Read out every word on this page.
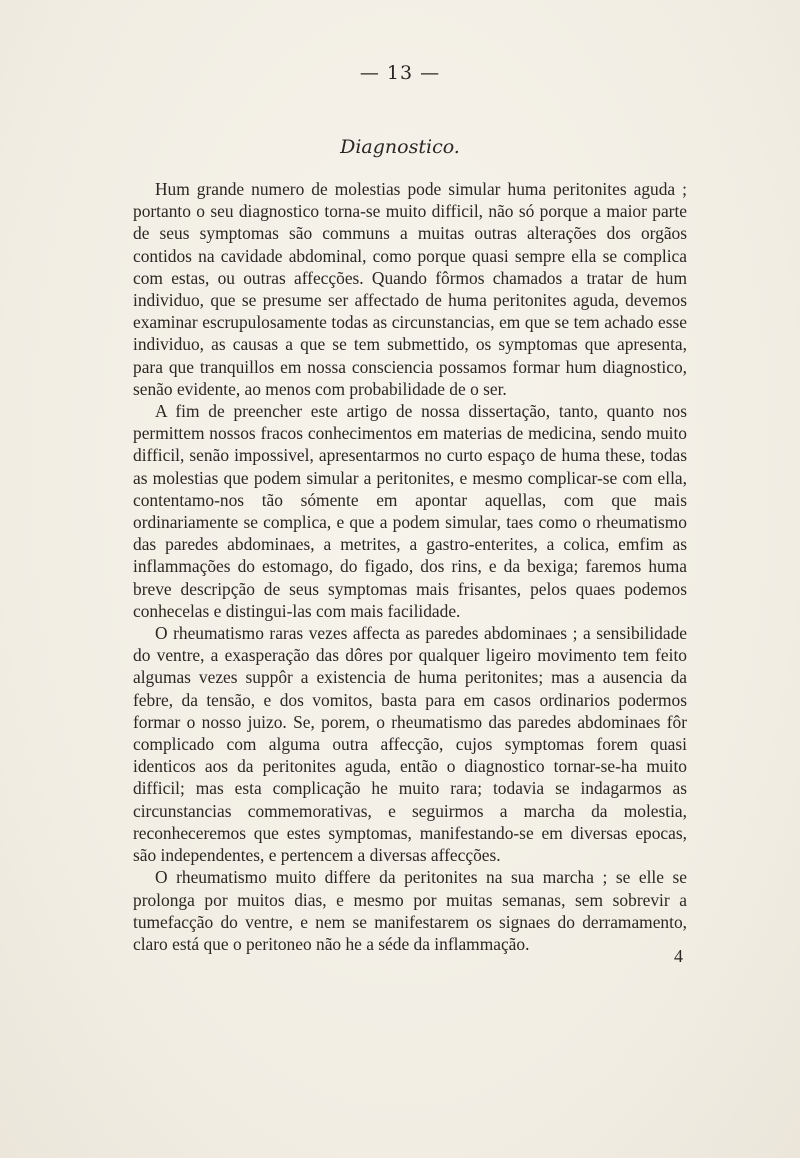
— 13 —
Diagnostico.

Hum grande numero de molestias pode simular huma peritonites aguda ; portanto o seu diagnostico torna-se muito difficil, não só porque a maior parte de seus symptomas são communs a muitas outras alterações dos orgãos contidos na cavidade abdominal, como porque quasi sempre ella se complica com estas, ou outras affecções. Quando fôrmos chamados a tratar de hum individuo, que se presume ser affectado de huma peritonites aguda, devemos examinar escrupulosamente todas as circunstancias, em que se tem achado esse individuo, as causas a que se tem submettido, os symptomas que apresenta, para que tranquillos em nossa consciencia possamos formar hum diagnostico, senão evidente, ao menos com probabilidade de o ser.

A fim de preencher este artigo de nossa dissertação, tanto, quanto nos permittem nossos fracos conhecimentos em materias de medicina, sendo muito difficil, senão impossivel, apresentarmos no curto espaço de huma these, todas as molestias que podem simular a peritonites, e mesmo complicar-se com ella, contentamo-nos tão sómente em apontar aquellas, com que mais ordinariamente se complica, e que a podem simular, taes como o rheumatismo das paredes abdominaes, a metrites, a gastro-enterites, a colica, emfim as inflammações do estomago, do figado, dos rins, e da bexiga; faremos huma breve descripção de seus symptomas mais frisantes, pelos quaes podemos conhecelas e distingui-las com mais facilidade.

O rheumatismo raras vezes affecta as paredes abdominaes ; a sensibilidade do ventre, a exasperação das dôres por qualquer ligeiro movimento tem feito algumas vezes suppôr a existencia de huma peritonites; mas a ausencia da febre, da tensão, e dos vomitos, basta para em casos ordinarios podermos formar o nosso juizo. Se, porem, o rheumatismo das paredes abdominaes fôr complicado com alguma outra affecção, cujos symptomas forem quasi identicos aos da peritonites aguda, então o diagnostico tornar-se-ha muito difficil; mas esta complicação he muito rara; todavia se indagarmos as circunstancias commemorativas, e seguirmos a marcha da molestia, reconheceremos que estes symptomas, manifestando-se em diversas epocas, são independentes, e pertencem a diversas affecções.

O rheumatismo muito differe da peritonites na sua marcha ; se elle se prolonga por muitos dias, e mesmo por muitas semanas, sem sobrevir a tumefacção do ventre, e nem se manifestarem os signaes do derramamento, claro está que o peritoneo não he a séde da inflammação.

4
